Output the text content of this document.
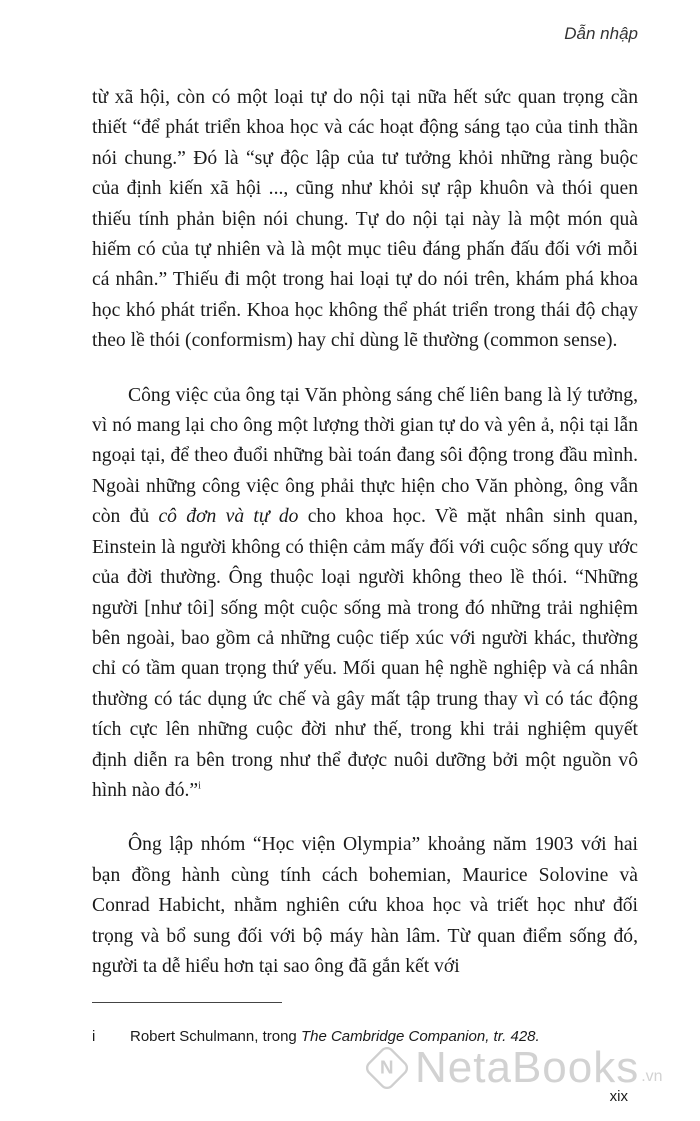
Dẫn nhập

từ xã hội, còn có một loại tự do nội tại nữa hết sức quan trọng cần thiết “để phát triển khoa học và các hoạt động sáng tạo của tinh thần nói chung.” Đó là “sự độc lập của tư tưởng khỏi những ràng buộc của định kiến xã hội ..., cũng như khỏi sự rập khuôn và thói quen thiếu tính phản biện nói chung. Tự do nội tại này là một món quà hiếm có của tự nhiên và là một mục tiêu đáng phấn đấu đối với mỗi cá nhân.” Thiếu đi một trong hai loại tự do nói trên, khám phá khoa học khó phát triển. Khoa học không thể phát triển trong thái độ chạy theo lề thói (conformism) hay chỉ dùng lẽ thường (common sense).

Công việc của ông tại Văn phòng sáng chế liên bang là lý tưởng, vì nó mang lại cho ông một lượng thời gian tự do và yên ả, nội tại lẫn ngoại tại, để theo đuổi những bài toán đang sôi động trong đầu mình. Ngoài những công việc ông phải thực hiện cho Văn phòng, ông vẫn còn đủ cô đơn và tự do cho khoa học. Về mặt nhân sinh quan, Einstein là người không có thiện cảm mấy đối với cuộc sống quy ước của đời thường. Ông thuộc loại người không theo lề thói. “Những người [như tôi] sống một cuộc sống mà trong đó những trải nghiệm bên ngoài, bao gồm cả những cuộc tiếp xúc với người khác, thường chỉ có tầm quan trọng thứ yếu. Mối quan hệ nghề nghiệp và cá nhân thường có tác dụng ức chế và gây mất tập trung thay vì có tác động tích cực lên những cuộc đời như thế, trong khi trải nghiệm quyết định diễn ra bên trong như thể được nuôi dưỡng bởi một nguồn vô hình nào đó.”$^i$

Ông lập nhóm “Học viện Olympia” khoảng năm 1903 với hai bạn đồng hành cùng tính cách bohemian, Maurice Solovine và Conrad Habicht, nhằm nghiên cứu khoa học và triết học như đối trọng và bổ sung đối với bộ máy hàn lâm. Từ quan điểm sống đó, người ta dễ hiểu hơn tại sao ông đã gắn kết với

i Robert Schulmann, trong The Cambridge Companion, tr. 428.
N NetaBooks .vn
xix
